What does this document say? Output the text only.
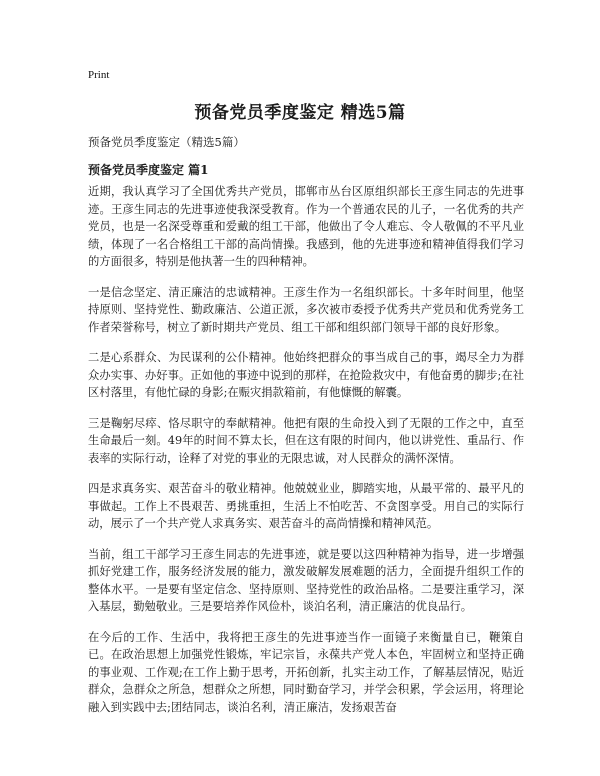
Print
预备党员季度鉴定 精选5篇
预备党员季度鉴定（精选5篇）
预备党员季度鉴定 篇1

近期，我认真学习了全国优秀共产党员，邯郸市丛台区原组织部长王彦生同志的先进事迹。王彦生同志的先进事迹使我深受教育。作为一个普通农民的儿子，一名优秀的共产党员，也是一名深受尊重和爱戴的组工干部，他做出了令人难忘、令人敬佩的不平凡业绩，体现了一名合格组工干部的高尚情操。我感到，他的先进事迹和精神值得我们学习的方面很多，特别是他执著一生的四种精神。

一是信念坚定、清正廉洁的忠诚精神。王彦生作为一名组织部长。十多年时间里，他坚持原则、坚持党性、勤政廉洁、公道正派，多次被市委授予优秀共产党员和优秀党务工作者荣誉称号，树立了新时期共产党员、组工干部和组织部门领导干部的良好形象。

二是心系群众、为民谋利的公仆精神。他始终把群众的事当成自己的事，竭尽全力为群众办实事、办好事。正如他的事迹中说到的那样，在抢险救灾中，有他奋勇的脚步;在社区村落里，有他忙碌的身影;在赈灾捐款箱前，有他慷慨的解囊。

三是鞠躬尽瘁、恪尽职守的奉献精神。他把有限的生命投入到了无限的工作之中，直至生命最后一刻。49年的时间不算太长，但在这有限的时间内，他以讲党性、重品行、作表率的实际行动，诠释了对党的事业的无限忠诚，对人民群众的满怀深情。

四是求真务实、艰苦奋斗的敬业精神。他兢兢业业，脚踏实地，从最平常的、最平凡的事做起。工作上不畏艰苦、勇挑重担，生活上不怕吃苦、不贪图享受。用自己的实际行动，展示了一个共产党人求真务实、艰苦奋斗的高尚情操和精神风范。

当前，组工干部学习王彦生同志的先进事迹，就是要以这四种精神为指导，进一步增强抓好党建工作，服务经济发展的能力，激发破解发展难题的活力，全面提升组织工作的整体水平。一是要有坚定信念、坚持原则、坚持党性的政治品格。二是要注重学习，深入基层，勤勉敬业。三是要培养作风俭朴，谈泊名利，清正廉洁的优良品行。

在今后的工作、生活中，我将把王彦生的先进事迹当作一面镜子来衡量自已，鞭策自已。在政治思想上加强党性锻炼，牢记宗旨，永葆共产党人本色，牢固树立和坚持正确的事业观、工作观;在工作上勤于思考，开拓创新，扎实主动工作，了解基层情况，贴近群众，急群众之所急，想群众之所想，同时勤奋学习，并学会积累，学会运用，将理论融入到实践中去;团结同志，谈泊名利，清正廉洁，发扬艰苦奋
